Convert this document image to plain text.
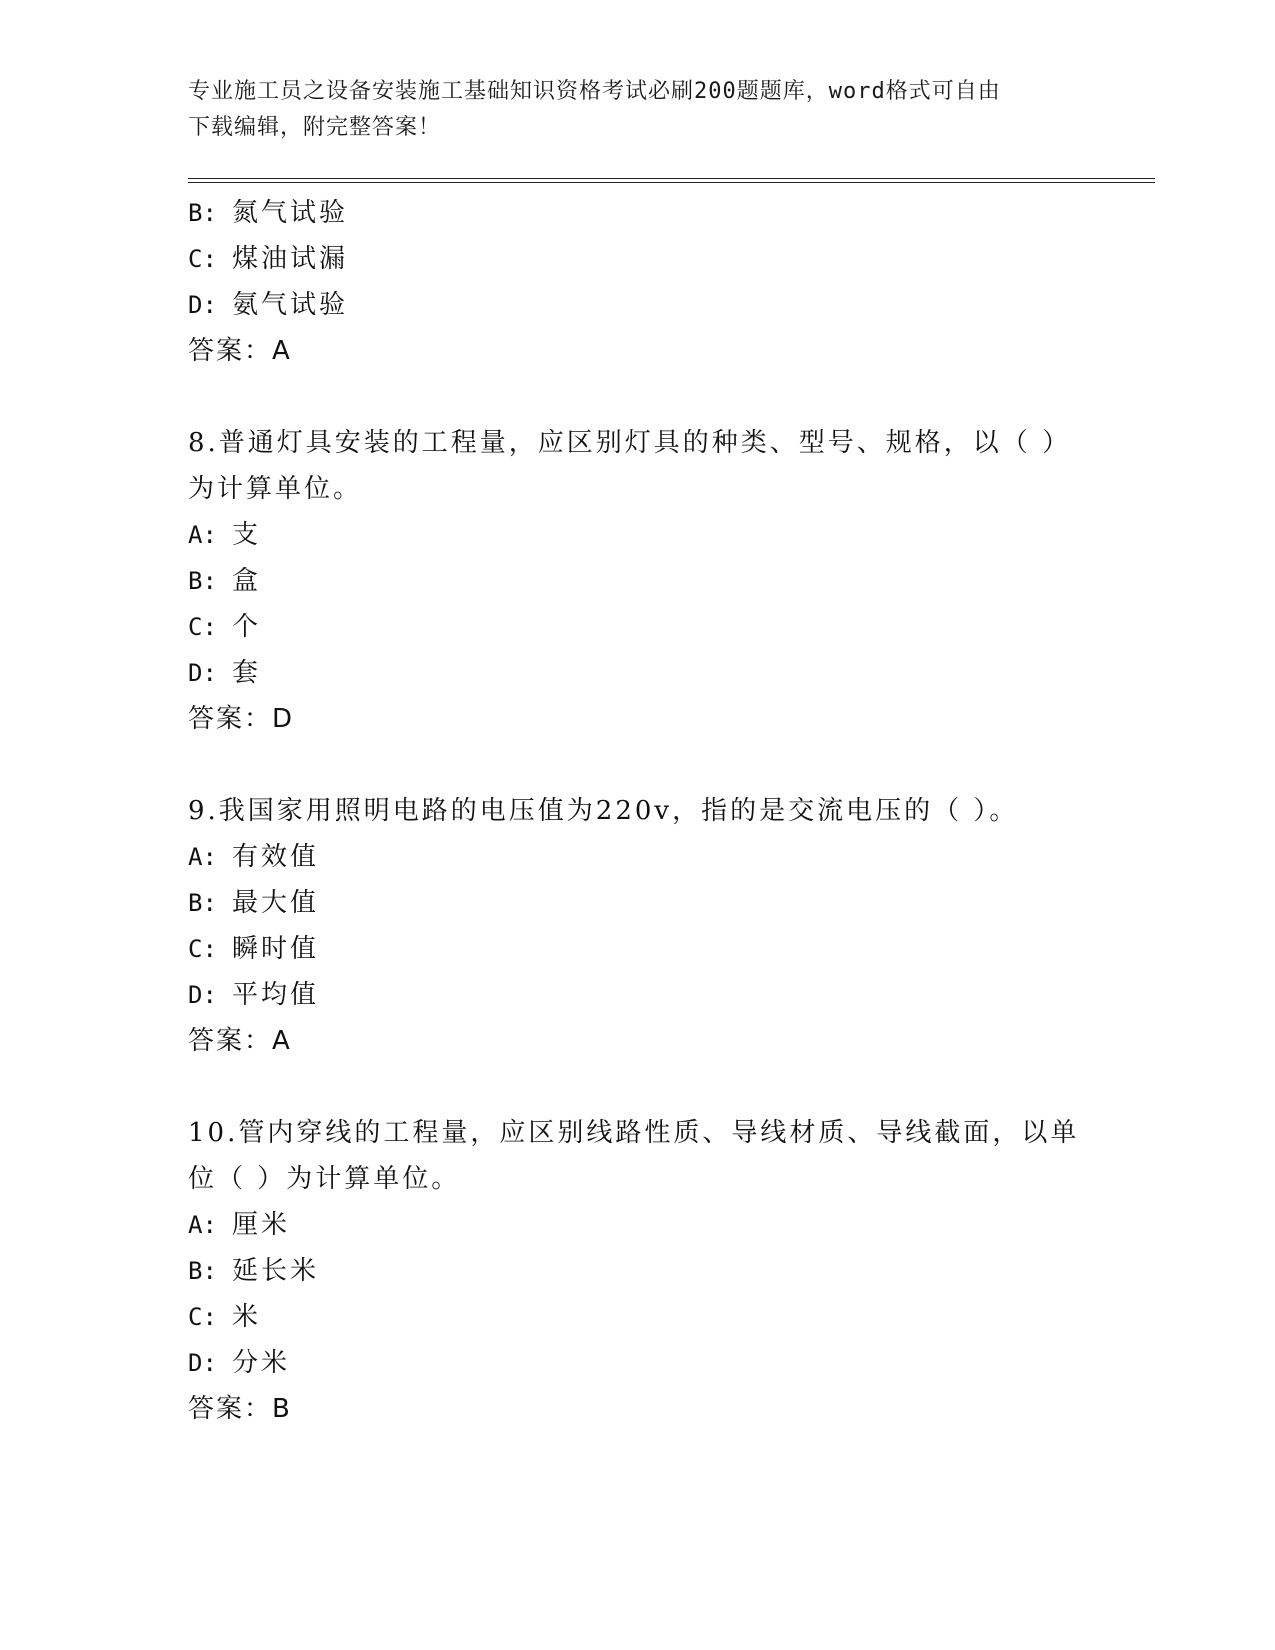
专业施工员之设备安装施工基础知识资格考试必刷200题题库，word格式可自由
下载编辑，附完整答案！
B: 氮气试验
C: 煤油试漏
D: 氨气试验
答案：A
8.普通灯具安装的工程量，应区别灯具的种类、型号、规格，以（ ）
为计算单位。
A: 支
B: 盒
C: 个
D: 套
答案：D
9.我国家用照明电路的电压值为220v，指的是交流电压的（ ）。
A: 有效值
B: 最大值
C: 瞬时值
D: 平均值
答案：A
10.管内穿线的工程量，应区别线路性质、导线材质、导线截面，以单
位（ ）为计算单位。
A: 厘米
B: 延长米
C: 米
D: 分米
答案：B
